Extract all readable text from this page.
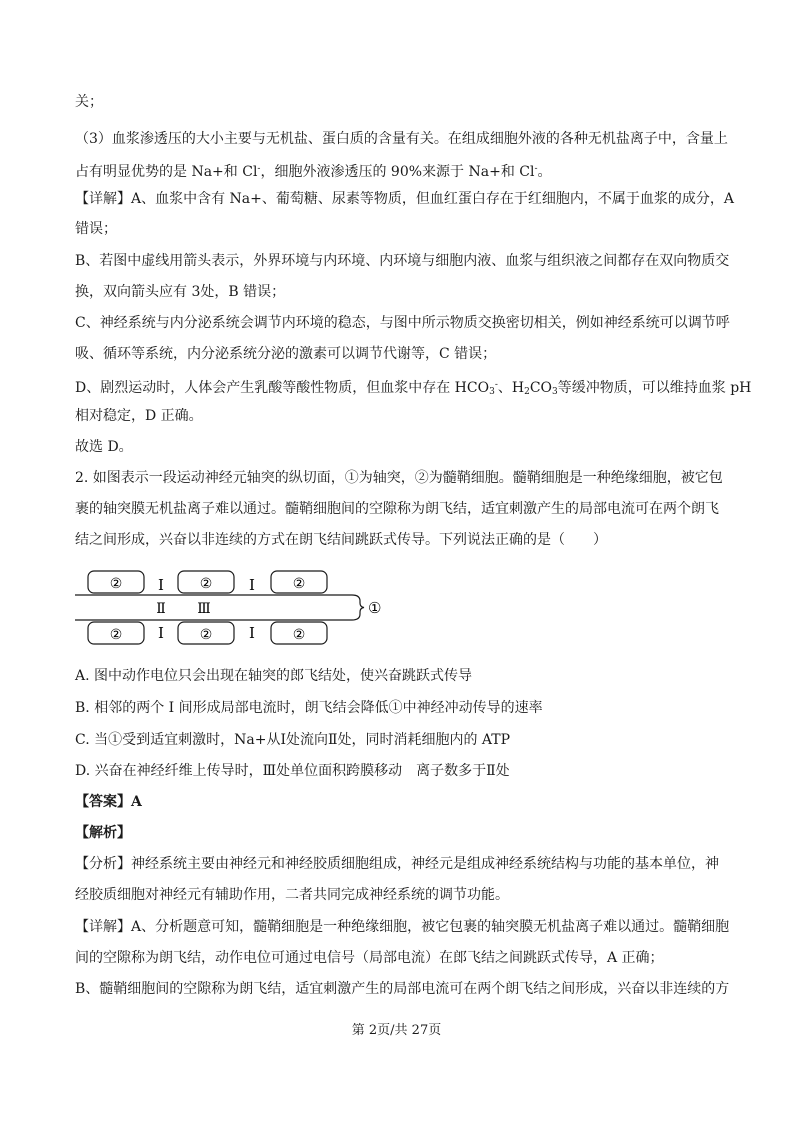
关；
（3）血浆渗透压的大小主要与无机盐、蛋白质的含量有关。在组成细胞外液的各种无机盐离子中，含量上
占有明显优势的是 Na+和 Cl-，细胞外液渗透压的 90%来源于 Na+和 Cl-。
【详解】A、血浆中含有 Na+、葡萄糖、尿素等物质，但血红蛋白存在于红细胞内，不属于血浆的成分，A
错误；
B、若图中虚线用箭头表示，外界环境与内环境、内环境与细胞内液、血浆与组织液之间都存在双向物质交
换，双向箭头应有 3处，B 错误；
C、神经系统与内分泌系统会调节内环境的稳态，与图中所示物质交换密切相关，例如神经系统可以调节呼
吸、循环等系统，内分泌系统分泌的激素可以调节代谢等，C 错误；
D、剧烈运动时，人体会产生乳酸等酸性物质，但血浆中存在 $HCO_3^-$、$H_2CO_3$等缓冲物质，可以维持血浆 pH
相对稳定，D 正确。
故选 D。
2. 如图表示一段运动神经元轴突的纵切面，①为轴突，②为髓鞘细胞。髓鞘细胞是一种绝缘细胞，被它包
裹的轴突膜无机盐离子难以通过。髓鞘细胞间的空隙称为朗飞结，适宜刺激产生的局部电流可在两个朗飞
结之间形成，兴奋以非连续的方式在朗飞结间跳跃式传导。下列说法正确的是（　　）
①
②	②	②
②	②	②
I	I
I	I
Ⅱ Ⅲ
A. 图中动作电位只会出现在轴突的郎飞结处，使兴奋跳跃式传导
B. 相邻的两个 I 间形成局部电流时，朗飞结会降低①中神经冲动传导的速率
C. 当①受到适宜刺激时，Na+从Ⅰ处流向Ⅱ处，同时消耗细胞内的 ATP
D. 兴奋在神经纤维上传导时，Ⅲ处单位面积跨膜移动　离子数多于Ⅱ处
【答案】A
【解析】
【分析】神经系统主要由神经元和神经胶质细胞组成，神经元是组成神经系统结构与功能的基本单位，神
经胶质细胞对神经元有辅助作用，二者共同完成神经系统的调节功能。
【详解】A、分析题意可知，髓鞘细胞是一种绝缘细胞，被它包裹的轴突膜无机盐离子难以通过。髓鞘细胞
间的空隙称为朗飞结，动作电位可通过电信号（局部电流）在郎飞结之间跳跃式传导，A 正确；
B、髓鞘细胞间的空隙称为朗飞结，适宜刺激产生的局部电流可在两个朗飞结之间形成，兴奋以非连续的方
第 2页/共 27页
